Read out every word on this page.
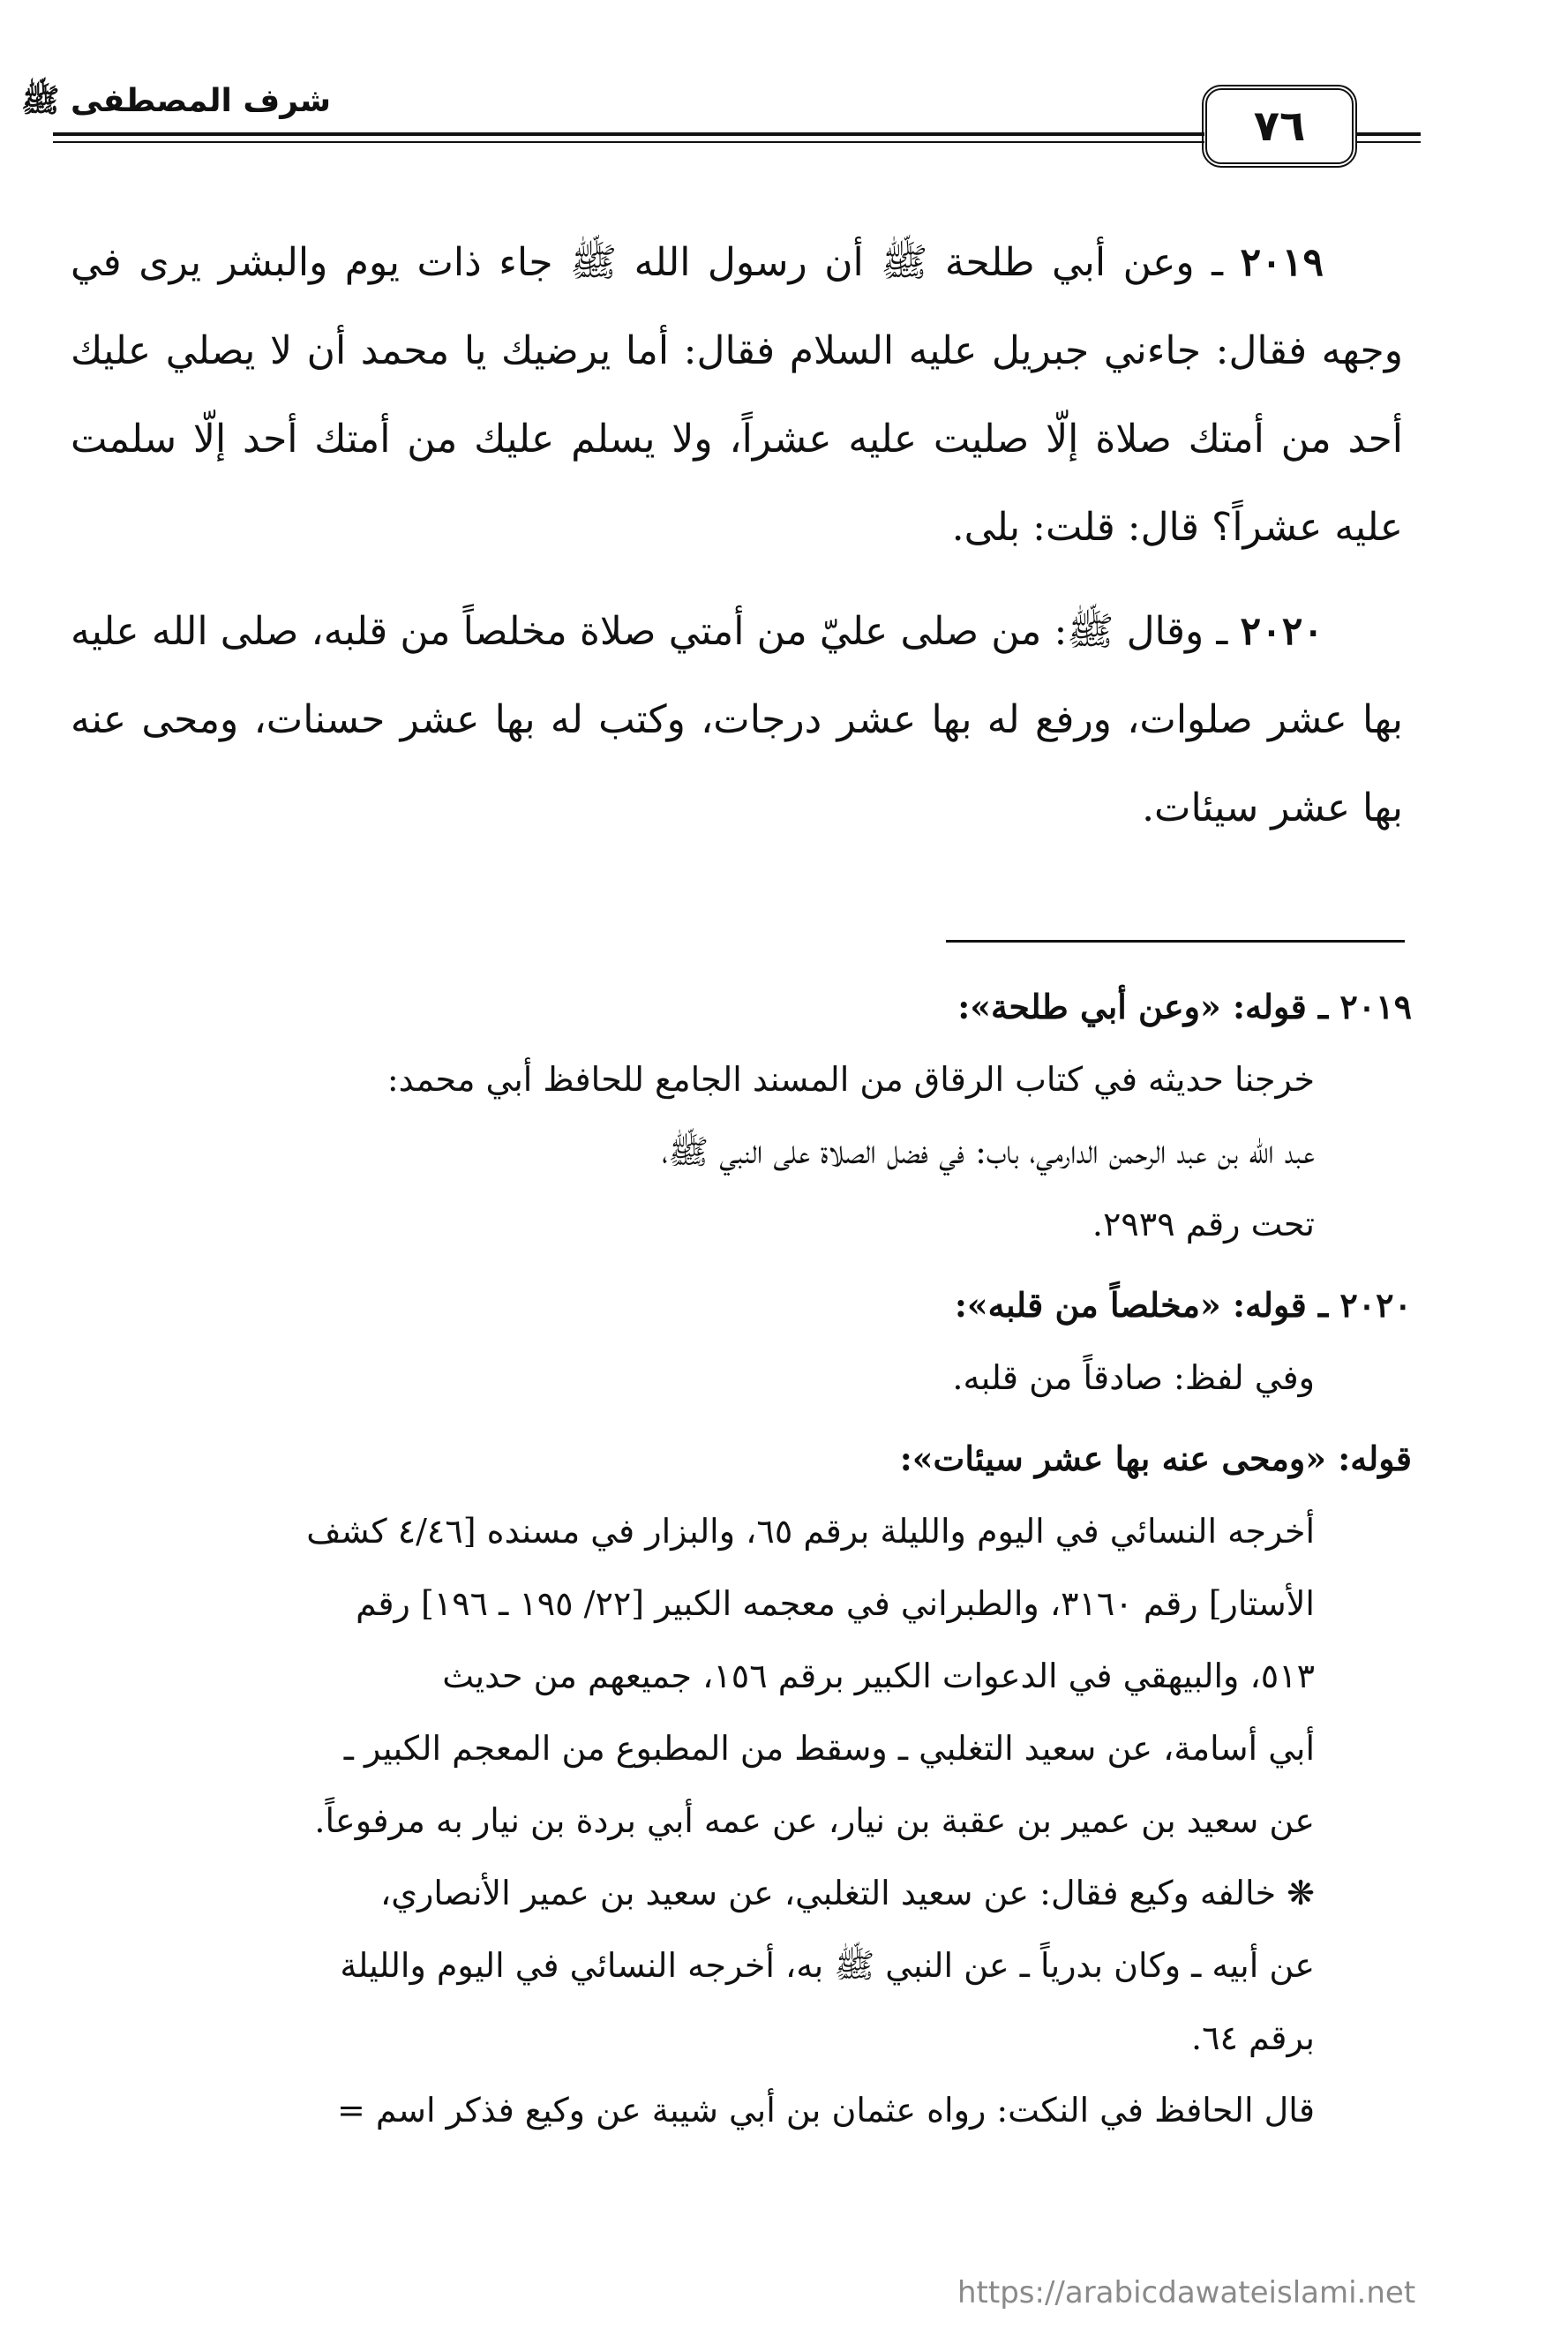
شرف المصطفى ﷺ
٧٦

٢٠١٩ ـ وعن أبي طلحة ﷺ أن رسول الله ﷺ جاء ذات يوم والبشر يرى في وجهه فقال: جاءني جبريل عليه السلام فقال: أما يرضيك يا محمد أن لا يصلي عليك أحد من أمتك صلاة إلّا صليت عليه عشراً، ولا يسلم عليك من أمتك أحد إلّا سلمت عليه عشراً؟ قال: قلت: بلى.

٢٠٢٠ ـ وقال ﷺ: من صلى عليّ من أمتي صلاة مخلصاً من قلبه، صلى الله عليه بها عشر صلوات، ورفع له بها عشر درجات، وكتب له بها عشر حسنات، ومحى عنه بها عشر سيئات.

٢٠١٩ ـ قوله: «وعن أبي طلحة»:

خرجنا حديثه في كتاب الرقاق من المسند الجامع للحافظ أبي محمد:
عبد الله بن عبد الرحمن الدارمي، باب: في فضل الصلاة على النبي ﷺ،
تحت رقم ٢٩٣٩.

٢٠٢٠ ـ قوله: «مخلصاً من قلبه»:

وفي لفظ: صادقاً من قلبه.

قوله: «ومحى عنه بها عشر سيئات»:

أخرجه النسائي في اليوم والليلة برقم ٦٥، والبزار في مسنده [٤/٤٦ كشف
الأستار] رقم ٣١٦٠، والطبراني في معجمه الكبير [٢٢/ ١٩٥ ـ ١٩٦] رقم
٥١٣، والبيهقي في الدعوات الكبير برقم ١٥٦، جميعهم من حديث
أبي أسامة، عن سعيد التغلبي ـ وسقط من المطبوع من المعجم الكبير ـ
عن سعيد بن عمير بن عقبة بن نيار، عن عمه أبي بردة بن نيار به مرفوعاً.
❋ خالفه وكيع فقال: عن سعيد التغلبي، عن سعيد بن عمير الأنصاري،
عن أبيه ـ وكان بدرياً ـ عن النبي ﷺ به، أخرجه النسائي في اليوم والليلة
برقم ٦٤.
قال الحافظ في النكت: رواه عثمان بن أبي شيبة عن وكيع فذكر اسم =
https://arabicdawateislami.net
